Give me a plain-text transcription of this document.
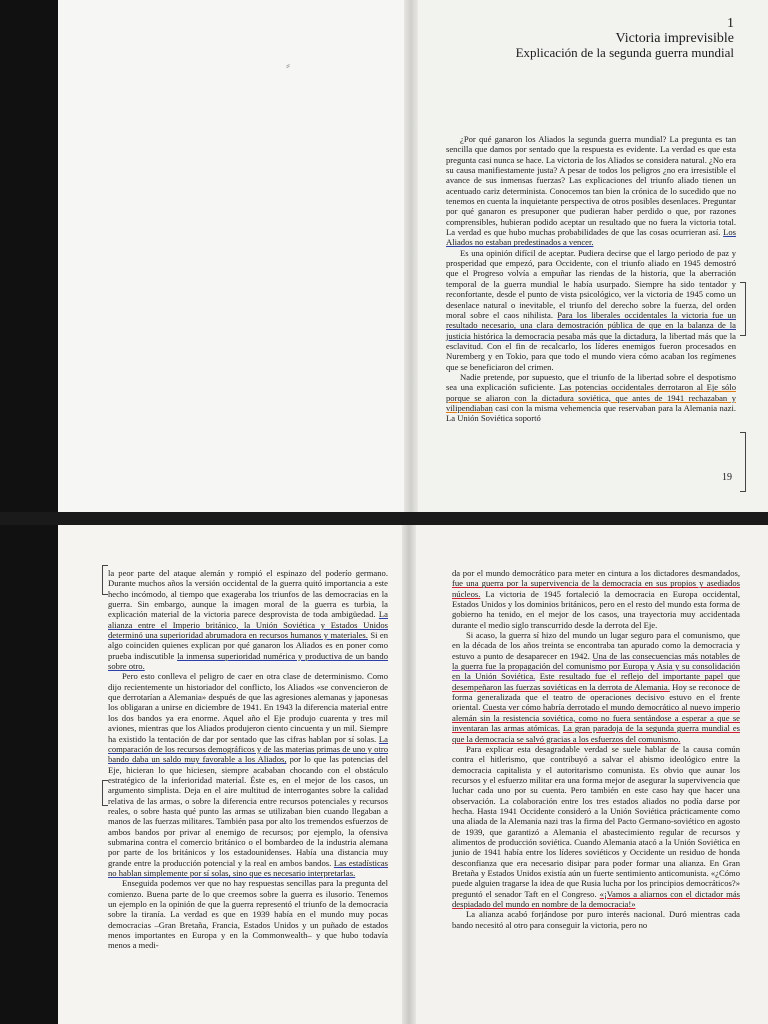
⸗
1
Victoria imprevisible
Explicación de la segunda guerra mundial
19

¿Por qué ganaron los Aliados la segunda guerra mundial? La pregunta es tan sencilla que damos por sentado que la respuesta es evidente. La verdad es que esta pregunta casi nunca se hace. La victoria de los Aliados se considera natural. ¿No era su causa manifiestamente justa? A pesar de todos los peligros ¿no era irresistible el avance de sus inmensas fuerzas? Las explicaciones del triunfo aliado tienen un acentuado cariz determinista. Conocemos tan bien la crónica de lo sucedido que no tenemos en cuenta la inquietante perspectiva de otros posibles desenlaces. Preguntar por qué ganaron es presuponer que pudieran haber perdido o que, por razones comprensibles, hubieran podido aceptar un resultado que no fuera la victoria total. La verdad es que hubo muchas probabilidades de que las cosas ocurrieran así. Los Aliados no estaban predestinados a vencer.

Es una opinión difícil de aceptar. Pudiera decirse que el largo periodo de paz y prosperidad que empezó, para Occidente, con el triunfo aliado en 1945 demostró que el Progreso volvía a empuñar las riendas de la historia, que la aberración temporal de la guerra mundial le había usurpado. Siempre ha sido tentador y reconfortante, desde el punto de vista psicológico, ver la victoria de 1945 como un desenlace natural o inevitable, el triunfo del derecho sobre la fuerza, del orden moral sobre el caos nihilista. Para los liberales occidentales la victoria fue un resultado necesario, una clara demostración pública de que en la balanza de la justicia histórica la democracia pesaba más que la dictadura, la libertad más que la esclavitud. Con el fin de recalcarlo, los líderes enemigos fueron procesados en Nuremberg y en Tokio, para que todo el mundo viera cómo acaban los regímenes que se beneficiaron del crimen.

Nadie pretende, por supuesto, que el triunfo de la libertad sobre el despotismo sea una explicación suficiente. Las potencias occidentales derrotaron al Eje sólo porque se aliaron con la dictadura soviética, que antes de 1941 rechazaban y vilipendiaban casi con la misma vehemencia que reservaban para la Alemania nazi. La Unión Soviética soportó

la peor parte del ataque alemán y rompió el espinazo del poderío germano. Durante muchos años la versión occidental de la guerra quitó importancia a este hecho incómodo, al tiempo que exageraba los triunfos de las democracias en la guerra. Sin embargo, aunque la imagen moral de la guerra es turbia, la explicación material de la victoria parece desprovista de toda ambigüedad. La alianza entre el Imperio británico, la Unión Soviética y Estados Unidos determinó una superioridad abrumadora en recursos humanos y materiales. Si en algo coinciden quienes explican por qué ganaron los Aliados es en poner como prueba indiscutible la inmensa superioridad numérica y productiva de un bando sobre otro.

Pero esto conlleva el peligro de caer en otra clase de determinismo. Como dijo recientemente un historiador del conflicto, los Aliados «se convencieron de que derrotarían a Alemania» después de que las agresiones alemanas y japonesas los obligaran a unirse en diciembre de 1941. En 1943 la diferencia material entre los dos bandos ya era enorme. Aquel año el Eje produjo cuarenta y tres mil aviones, mientras que los Aliados produjeron ciento cincuenta y un mil. Siempre ha existido la tentación de dar por sentado que las cifras hablan por sí solas. La comparación de los recursos demográficos y de las materias primas de uno y otro bando daba un saldo muy favorable a los Aliados, por lo que las potencias del Eje, hicieran lo que hiciesen, siempre acababan chocando con el obstáculo estratégico de la inferioridad material. Éste es, en el mejor de los casos, un argumento simplista. Deja en el aire multitud de interrogantes sobre la calidad relativa de las armas, o sobre la diferencia entre recursos potenciales y recursos reales, o sobre hasta qué punto las armas se utilizaban bien cuando llegaban a manos de las fuerzas militares. También pasa por alto los tremendos esfuerzos de ambos bandos por privar al enemigo de recursos; por ejemplo, la ofensiva submarina contra el comercio británico o el bombardeo de la industria alemana por parte de los británicos y los estadounidenses. Había una distancia muy grande entre la producción potencial y la real en ambos bandos. Las estadísticas no hablan simplemente por sí solas, sino que es necesario interpretarlas.

Enseguida podemos ver que no hay respuestas sencillas para la pregunta del comienzo. Buena parte de lo que creemos sobre la guerra es ilusorio. Tenemos un ejemplo en la opinión de que la guerra representó el triunfo de la democracia sobre la tiranía. La verdad es que en 1939 había en el mundo muy pocas democracias –Gran Bretaña, Francia, Estados Unidos y un puñado de estados menos importantes en Europa y en la Commonwealth– y que hubo todavía menos a medi-

da por el mundo democrático para meter en cintura a los dictadores desmandados, fue una guerra por la supervivencia de la democracia en sus propios y asediados núcleos. La victoria de 1945 fortaleció la democracia en Europa occidental, Estados Unidos y los dominios británicos, pero en el resto del mundo esta forma de gobierno ha tenido, en el mejor de los casos, una trayectoria muy accidentada durante el medio siglo transcurrido desde la derrota del Eje.

Si acaso, la guerra sí hizo del mundo un lugar seguro para el comunismo, que en la década de los años treinta se encontraba tan apurado como la democracia y estuvo a punto de desaparecer en 1942. Una de las consecuencias más notables de la guerra fue la propagación del comunismo por Europa y Asia y su consolidación en la Unión Soviética. Este resultado fue el reflejo del importante papel que desempeñaron las fuerzas soviéticas en la derrota de Alemania. Hoy se reconoce de forma generalizada que el teatro de operaciones decisivo estuvo en el frente oriental. Cuesta ver cómo habría derrotado el mundo democrático al nuevo imperio alemán sin la resistencia soviética, como no fuera sentándose a esperar a que se inventaran las armas atómicas. La gran paradoja de la segunda guerra mundial es que la democracia se salvó gracias a los esfuerzos del comunismo.

Para explicar esta desagradable verdad se suele hablar de la causa común contra el hitlerismo, que contribuyó a salvar el abismo ideológico entre la democracia capitalista y el autoritarismo comunista. Es obvio que aunar los recursos y el esfuerzo militar era una forma mejor de asegurar la supervivencia que luchar cada uno por su cuenta. Pero también en este caso hay que hacer una observación. La colaboración entre los tres estados aliados no podía darse por hecha. Hasta 1941 Occidente consideró a la Unión Soviética prácticamente como una aliada de la Alemania nazi tras la firma del Pacto Germano-soviético en agosto de 1939, que garantizó a Alemania el abastecimiento regular de recursos y alimentos de producción soviética. Cuando Alemania atacó a la Unión Soviética en junio de 1941 había entre los líderes soviéticos y Occidente un residuo de honda desconfianza que era necesario disipar para poder formar una alianza. En Gran Bretaña y Estados Unidos existía aún un fuerte sentimiento anticomunista. «¿Cómo puede alguien tragarse la idea de que Rusia lucha por los principios democráticos?» preguntó el senador Taft en el Congreso. «¡Vamos a aliarnos con el dictador más despiadado del mundo en nombre de la democracia!»

La alianza acabó forjándose por puro interés nacional. Duró mientras cada bando necesitó al otro para conseguir la victoria, pero no
